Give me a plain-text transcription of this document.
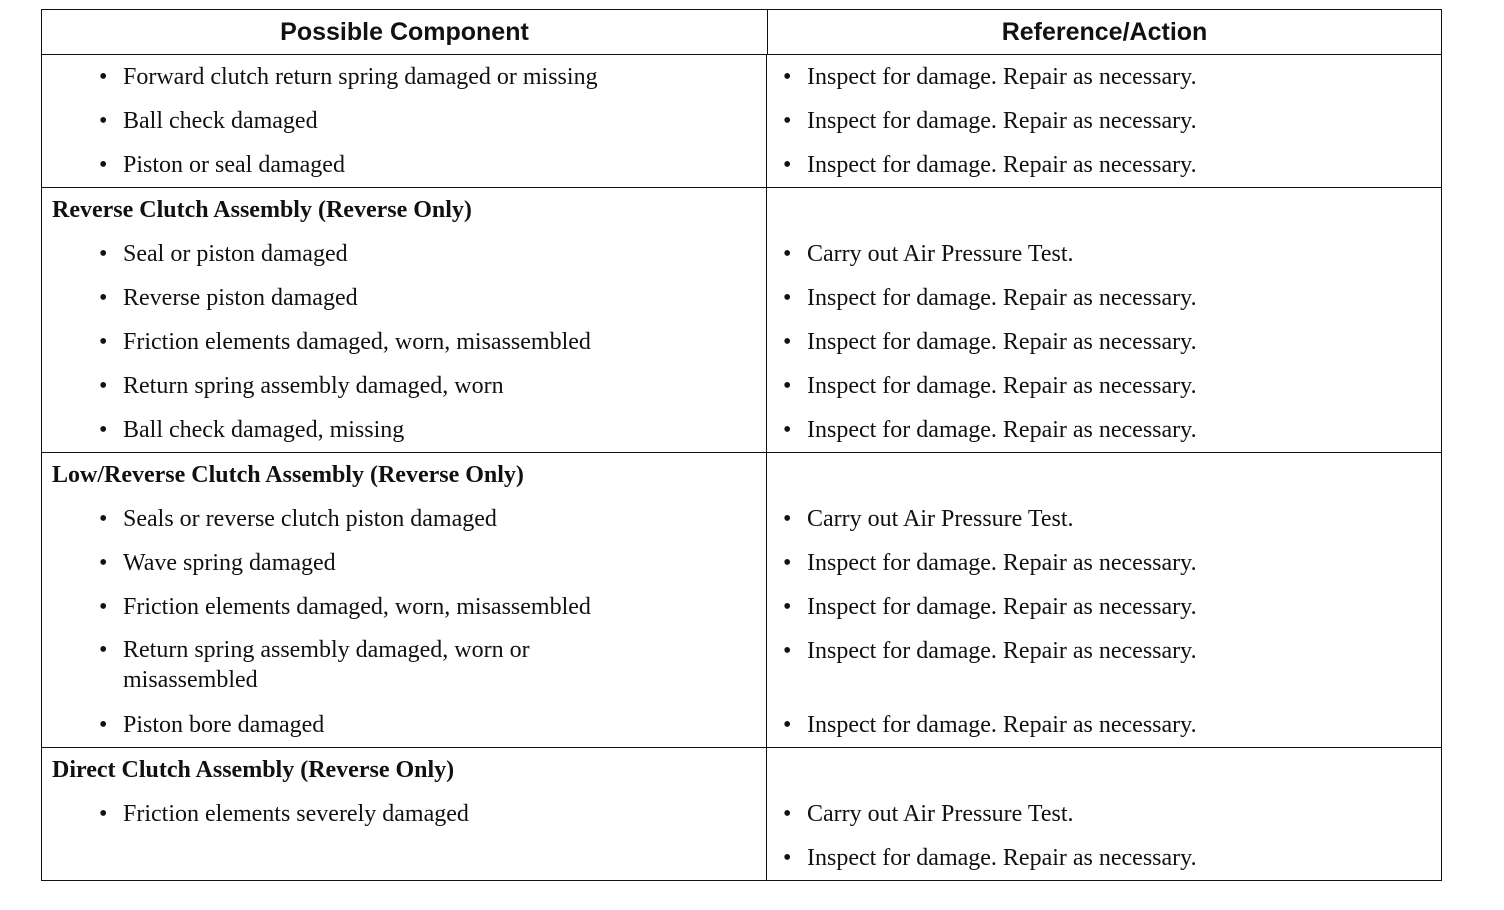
Possible Component	Reference/Action
• Forward clutch return spring damaged or missing
• Ball check damaged
• Piston or seal damaged
• Inspect for damage. Repair as necessary.
• Inspect for damage. Repair as necessary.
• Inspect for damage. Repair as necessary.
Reverse Clutch Assembly (Reverse Only)
• Seal or piston damaged
• Reverse piston damaged
• Friction elements damaged, worn, misassembled
• Return spring assembly damaged, worn
• Ball check damaged, missing
• Carry out Air Pressure Test.
• Inspect for damage. Repair as necessary.
• Inspect for damage. Repair as necessary.
• Inspect for damage. Repair as necessary.
• Inspect for damage. Repair as necessary.
Low/Reverse Clutch Assembly (Reverse Only)
• Seals or reverse clutch piston damaged
• Wave spring damaged
• Friction elements damaged, worn, misassembled
• Return spring assembly damaged, worn or misassembled
• Piston bore damaged
• Carry out Air Pressure Test.
• Inspect for damage. Repair as necessary.
• Inspect for damage. Repair as necessary.
• Inspect for damage. Repair as necessary.
• Inspect for damage. Repair as necessary.
Direct Clutch Assembly (Reverse Only)
• Friction elements severely damaged	• Carry out Air Pressure Test.
• Inspect for damage. Repair as necessary.
